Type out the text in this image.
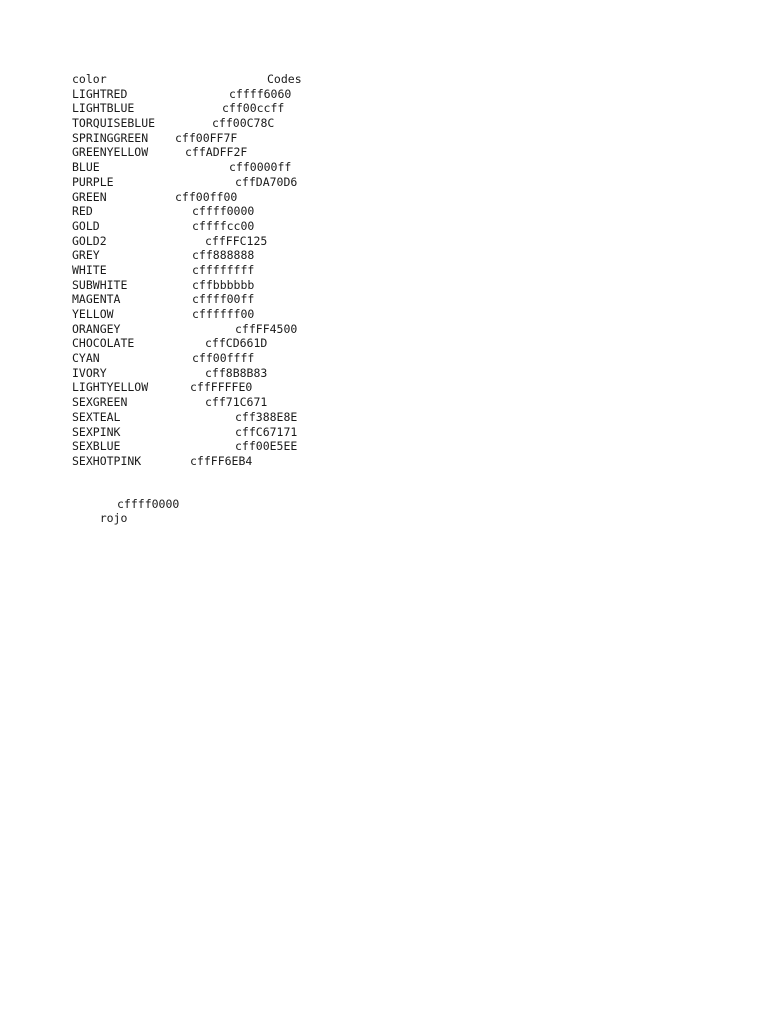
color	Codes
LIGHTRED	cffff6060
LIGHTBLUE	cff00ccff
TORQUISEBLUE	cff00C78C
SPRINGGREEN cff00FF7F
GREENYELLOW	cffADFF2F
BLUE	cff0000ff
PURPLE	cffDA70D6
GREEN	cff00ff00
RED	cffff0000
GOLD	cffffcc00
GOLD2	cffFFC125
GREY	cff888888
WHITE	cffffffff
SUBWHITE	cffbbbbbb
MAGENTA	cffff00ff
YELLOW	cffffff00
ORANGEY	cffFF4500
CHOCOLATE	cffCD661D
CYAN	cff00ffff
IVORY	cff8B8B83
LIGHTYELLOW	cffFFFFE0
SEXGREEN	cff71C671
SEXTEAL	cff388E8E
SEXPINK	cffC67171
SEXBLUE	cff00E5EE
SEXHOTPINK	cffFF6EB4

rojo

cffff0000
